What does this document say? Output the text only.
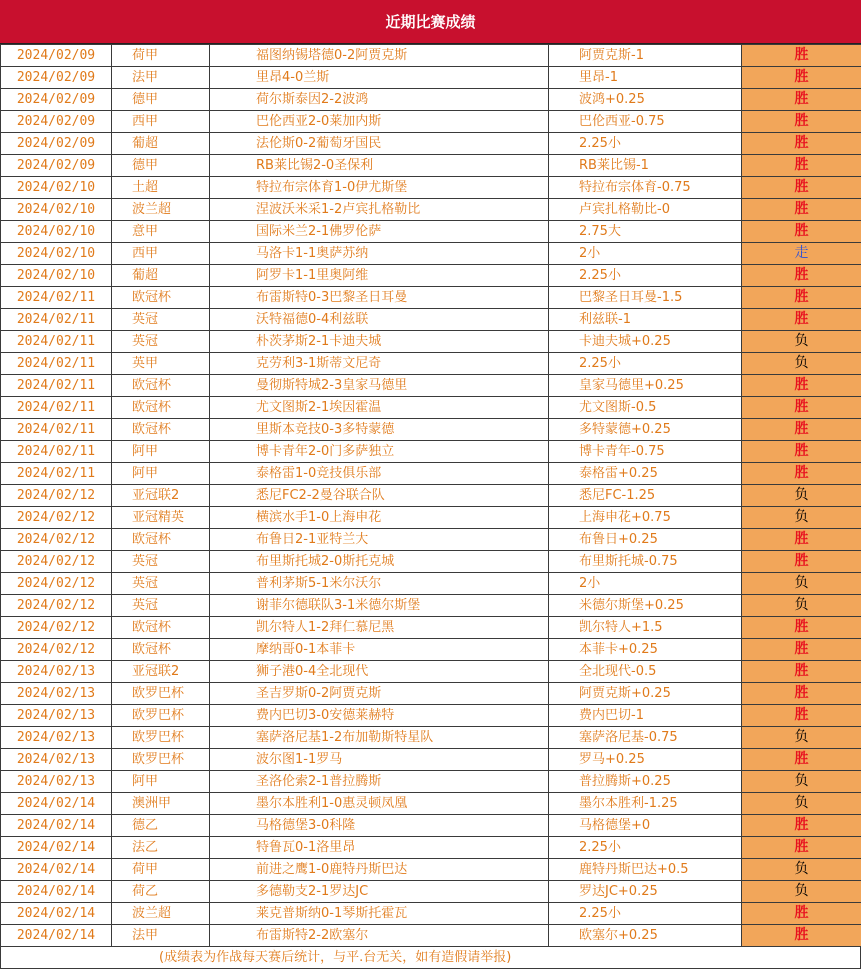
近期比赛成绩
2024/02/09	荷甲	福图纳锡塔德0-2阿贾克斯	阿贾克斯-1	胜
2024/02/09	法甲	里昂4-0兰斯	里昂-1	胜
2024/02/09	德甲	荷尔斯泰因2-2波鸿	波鸿+0.25	胜
2024/02/09	西甲	巴伦西亚2-0莱加内斯	巴伦西亚-0.75	胜
2024/02/09	葡超	法伦斯0-2葡萄牙国民	2.25小	胜
2024/02/09	德甲	RB莱比锡2-0圣保利	RB莱比锡-1	胜
2024/02/10	土超	特拉布宗体育1-0伊尤斯堡	特拉布宗体育-0.75	胜
2024/02/10	波兰超	涅波沃米采1-2卢宾扎格勒比	卢宾扎格勒比-0	胜
2024/02/10	意甲	国际米兰2-1佛罗伦萨	2.75大	胜
2024/02/10	西甲	马洛卡1-1奥萨苏纳	2小	走
2024/02/10	葡超	阿罗卡1-1里奥阿维	2.25小	胜
2024/02/11	欧冠杯	布雷斯特0-3巴黎圣日耳曼	巴黎圣日耳曼-1.5	胜
2024/02/11	英冠	沃特福德0-4利兹联	利兹联-1	胜
2024/02/11	英冠	朴茨茅斯2-1卡迪夫城	卡迪夫城+0.25	负
2024/02/11	英甲	克劳利3-1斯蒂文尼奇	2.25小	负
2024/02/11	欧冠杯	曼彻斯特城2-3皇家马德里	皇家马德里+0.25	胜
2024/02/11	欧冠杯	尤文图斯2-1埃因霍温	尤文图斯-0.5	胜
2024/02/11	欧冠杯	里斯本竞技0-3多特蒙德	多特蒙德+0.25	胜
2024/02/11	阿甲	博卡青年2-0门多萨独立	博卡青年-0.75	胜
2024/02/11	阿甲	泰格雷1-0竞技俱乐部	泰格雷+0.25	胜
2024/02/12	亚冠联2	悉尼FC2-2曼谷联合队	悉尼FC-1.25	负
2024/02/12	亚冠精英	横滨水手1-0上海申花	上海申花+0.75	负
2024/02/12	欧冠杯	布鲁日2-1亚特兰大	布鲁日+0.25	胜
2024/02/12	英冠	布里斯托城2-0斯托克城	布里斯托城-0.75	胜
2024/02/12	英冠	普利茅斯5-1米尔沃尔	2小	负
2024/02/12	英冠	谢菲尔德联队3-1米德尔斯堡	米德尔斯堡+0.25	负
2024/02/12	欧冠杯	凯尔特人1-2拜仁慕尼黑	凯尔特人+1.5	胜
2024/02/12	欧冠杯	摩纳哥0-1本菲卡	本菲卡+0.25	胜
2024/02/13	亚冠联2	狮子港0-4全北现代	全北现代-0.5	胜
2024/02/13	欧罗巴杯	圣吉罗斯0-2阿贾克斯	阿贾克斯+0.25	胜
2024/02/13	欧罗巴杯	费内巴切3-0安德莱赫特	费内巴切-1	胜
2024/02/13	欧罗巴杯	塞萨洛尼基1-2布加勒斯特星队	塞萨洛尼基-0.75	负
2024/02/13	欧罗巴杯	波尔图1-1罗马	罗马+0.25	胜
2024/02/13	阿甲	圣洛伦索2-1普拉腾斯	普拉腾斯+0.25	负
2024/02/14	澳洲甲	墨尔本胜利1-0惠灵顿凤凰	墨尔本胜利-1.25	负
2024/02/14	德乙	马格德堡3-0科隆	马格德堡+0	胜
2024/02/14	法乙	特鲁瓦0-1洛里昂	2.25小	胜
2024/02/14	荷甲	前进之鹰1-0鹿特丹斯巴达	鹿特丹斯巴达+0.5	负
2024/02/14	荷乙	多德勒支2-1罗达JC	罗达JC+0.25	负
2024/02/14	波兰超	莱克普斯纳0-1琴斯托霍瓦	2.25小	胜
2024/02/14	法甲	布雷斯特2-2欧塞尔	欧塞尔+0.25	胜
(成绩表为作战每天赛后统计，与平.台无关，如有造假请举报)
